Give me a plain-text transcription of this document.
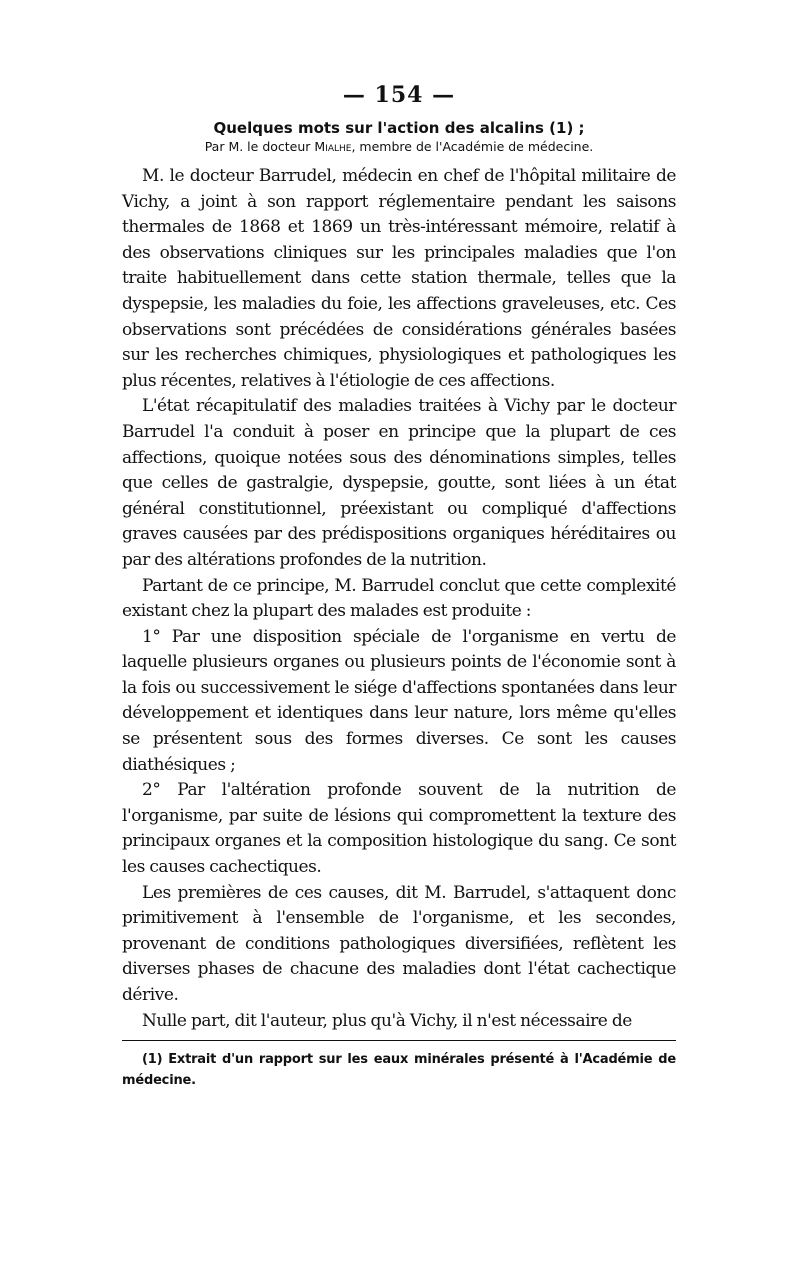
— 154 —
Quelques mots sur l'action des alcalins (1) ;
Par M. le docteur Mialhe, membre de l'Académie de médecine.

M. le docteur Barrudel, médecin en chef de l'hôpital militaire de Vichy, a joint à son rapport réglementaire pendant les saisons thermales de 1868 et 1869 un très-intéressant mémoire, relatif à des observations cliniques sur les principales maladies que l'on traite habituellement dans cette station thermale, telles que la dyspepsie, les maladies du foie, les affections graveleuses, etc. Ces observations sont précédées de considérations générales basées sur les recherches chimiques, physiologiques et pathologiques les plus récentes, relatives à l'étiologie de ces affections.

L'état récapitulatif des maladies traitées à Vichy par le docteur Barrudel l'a conduit à poser en principe que la plupart de ces affections, quoique notées sous des dénominations simples, telles que celles de gastralgie, dyspepsie, goutte, sont liées à un état général constitutionnel, préexistant ou compliqué d'affections graves causées par des prédispositions organiques héréditaires ou par des altérations profondes de la nutrition.

Partant de ce principe, M. Barrudel conclut que cette complexité existant chez la plupart des malades est produite :

1° Par une disposition spéciale de l'organisme en vertu de laquelle plusieurs organes ou plusieurs points de l'économie sont à la fois ou successivement le siége d'affections spontanées dans leur développement et identiques dans leur nature, lors même qu'elles se présentent sous des formes diverses. Ce sont les causes diathésiques ;

2° Par l'altération profonde souvent de la nutrition de l'organisme, par suite de lésions qui compromettent la texture des principaux organes et la composition histologique du sang. Ce sont les causes cachectiques.

Les premières de ces causes, dit M. Barrudel, s'attaquent donc primitivement à l'ensemble de l'organisme, et les secondes, provenant de conditions pathologiques diversifiées, reflètent les diverses phases de chacune des maladies dont l'état cachectique dérive.

Nulle part, dit l'auteur, plus qu'à Vichy, il n'est nécessaire de

(1) Extrait d'un rapport sur les eaux minérales présenté à l'Académie de médecine.
